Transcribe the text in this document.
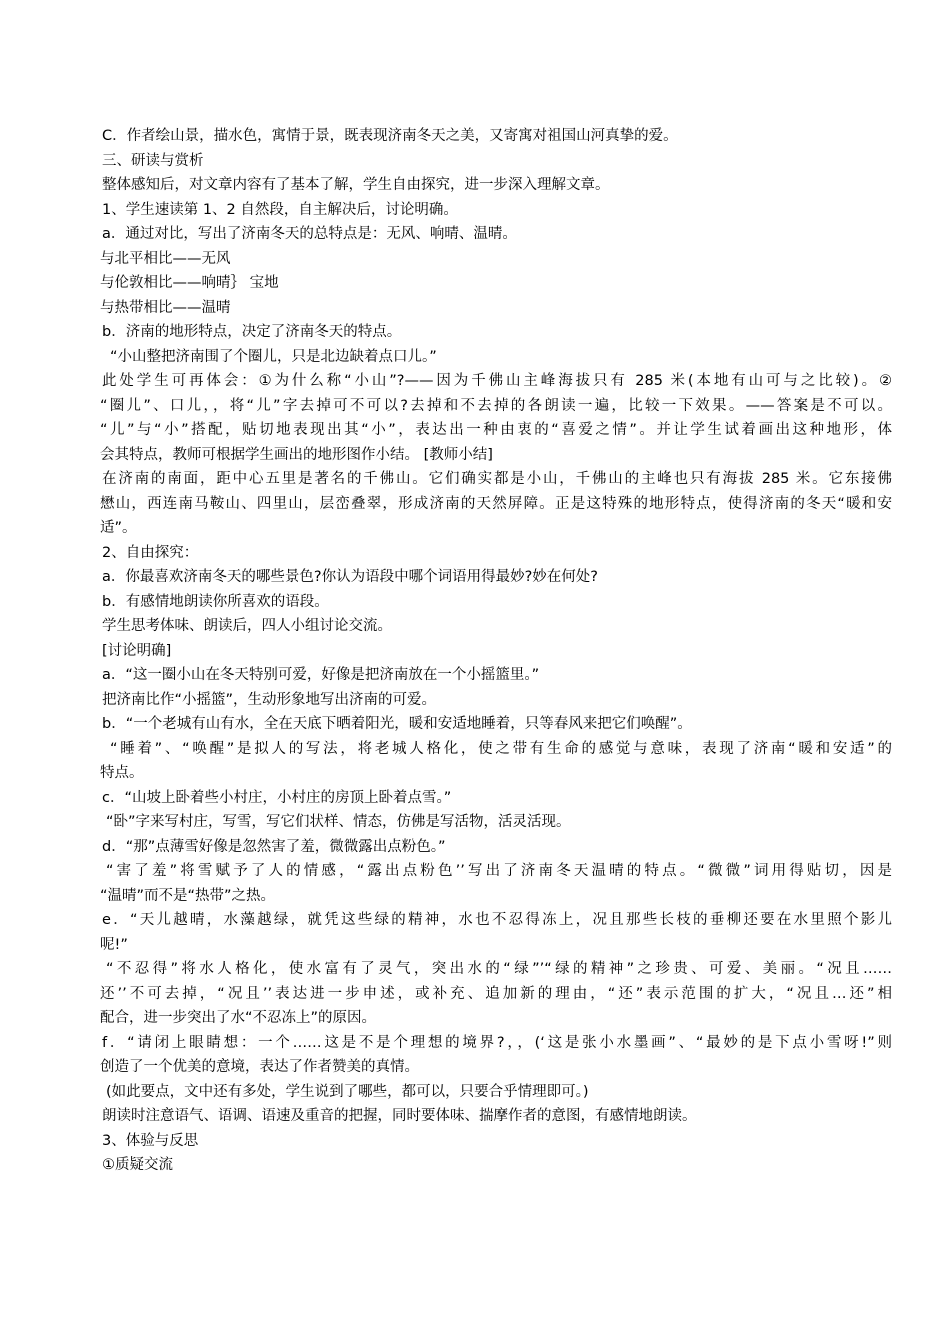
C．作者绘山景，描水色，寓情于景，既表现济南冬天之美，又寄寓对祖国山河真挚的爱。
三、研读与赏析
整体感知后，对文章内容有了基本了解，学生自由探究，进一步深入理解文章。
1、学生速读第 1、2 自然段，自主解决后，讨论明确。
a．通过对比，写出了济南冬天的总特点是：无风、响晴、温晴。
与北平相比——无风
与伦敦相比——响晴｝ 宝地
与热带相比——温晴
b．济南的地形特点，决定了济南冬天的特点。
“小山整把济南围了个圈儿，只是北边缺着点口儿。”
此处学生可再体会：①为什么称“小山”?——因为千佛山主峰海拔只有 285 米(本地有山可与之比较)。②
“圈儿”、口儿，，将“儿”字去掉可不可以?去掉和不去掉的各朗读一遍，比较一下效果。——答案是不可以。
“儿”与“小”搭配，贴切地表现出其“小”，表达出一种由衷的“喜爱之情”。并让学生试着画出这种地形，体
会其特点，教师可根据学生画出的地形图作小结。 [教师小结]
在济南的南面，距中心五里是著名的千佛山。它们确实都是小山，千佛山的主峰也只有海拔 285 米。它东接佛
懋山，西连南马鞍山、四里山，层峦叠翠，形成济南的天然屏障。正是这特殊的地形特点，使得济南的冬天“暖和安
适”。
2、自由探究：
a．你最喜欢济南冬天的哪些景色?你认为语段中哪个词语用得最妙?妙在何处?
b．有感情地朗读你所喜欢的语段。
学生思考体味、朗读后，四人小组讨论交流。
[讨论明确]
a．“这一圈小山在冬天特别可爱，好像是把济南放在一个小摇篮里。”
把济南比作“小摇篮”，生动形象地写出济南的可爱。
b．“一个老城有山有水，全在天底下晒着阳光，暖和安适地睡着，只等春风来把它们唤醒”。
“睡着”、“唤醒”是拟人的写法，将老城人格化，使之带有生命的感觉与意味，表现了济南“暖和安适”的
特点。
c．“山坡上卧着些小村庄，小村庄的房顶上卧着点雪。”
“卧”字来写村庄，写雪，写它们状样、情态，仿佛是写活物，活灵活现。
d．“那”点薄雪好像是忽然害了羞，微微露出点粉色。”
“害了羞”将雪赋予了人的情感，“露出点粉色’’写出了济南冬天温晴的特点。“微微”词用得贴切，因是
“温晴”而不是“热带”之热。
e．“天儿越晴，水藻越绿，就凭这些绿的精神，水也不忍得冻上，况且那些长枝的垂柳还要在水里照个影儿
呢!”
“不忍得”将水人格化，使水富有了灵气，突出水的“绿”’“绿的精神”之珍贵、可爱、美丽。“况且……
还’’不可去掉，“况且’’表达进一步申述，或补充、追加新的理由，“还”表示范围的扩大，“况且…还”相
配合，进一步突出了水“不忍冻上”的原因。
f．“请闭上眼睛想：一个……这是不是个理想的境界?，，(‘这是张小水墨画”、“最妙的是下点小雪呀!”则
创造了一个优美的意境，表达了作者赞美的真情。
(如此要点，文中还有多处，学生说到了哪些，都可以，只要合乎情理即可。)
朗读时注意语气、语调、语速及重音的把握，同时要体味、揣摩作者的意图，有感情地朗读。
3、体验与反思
①质疑交流
